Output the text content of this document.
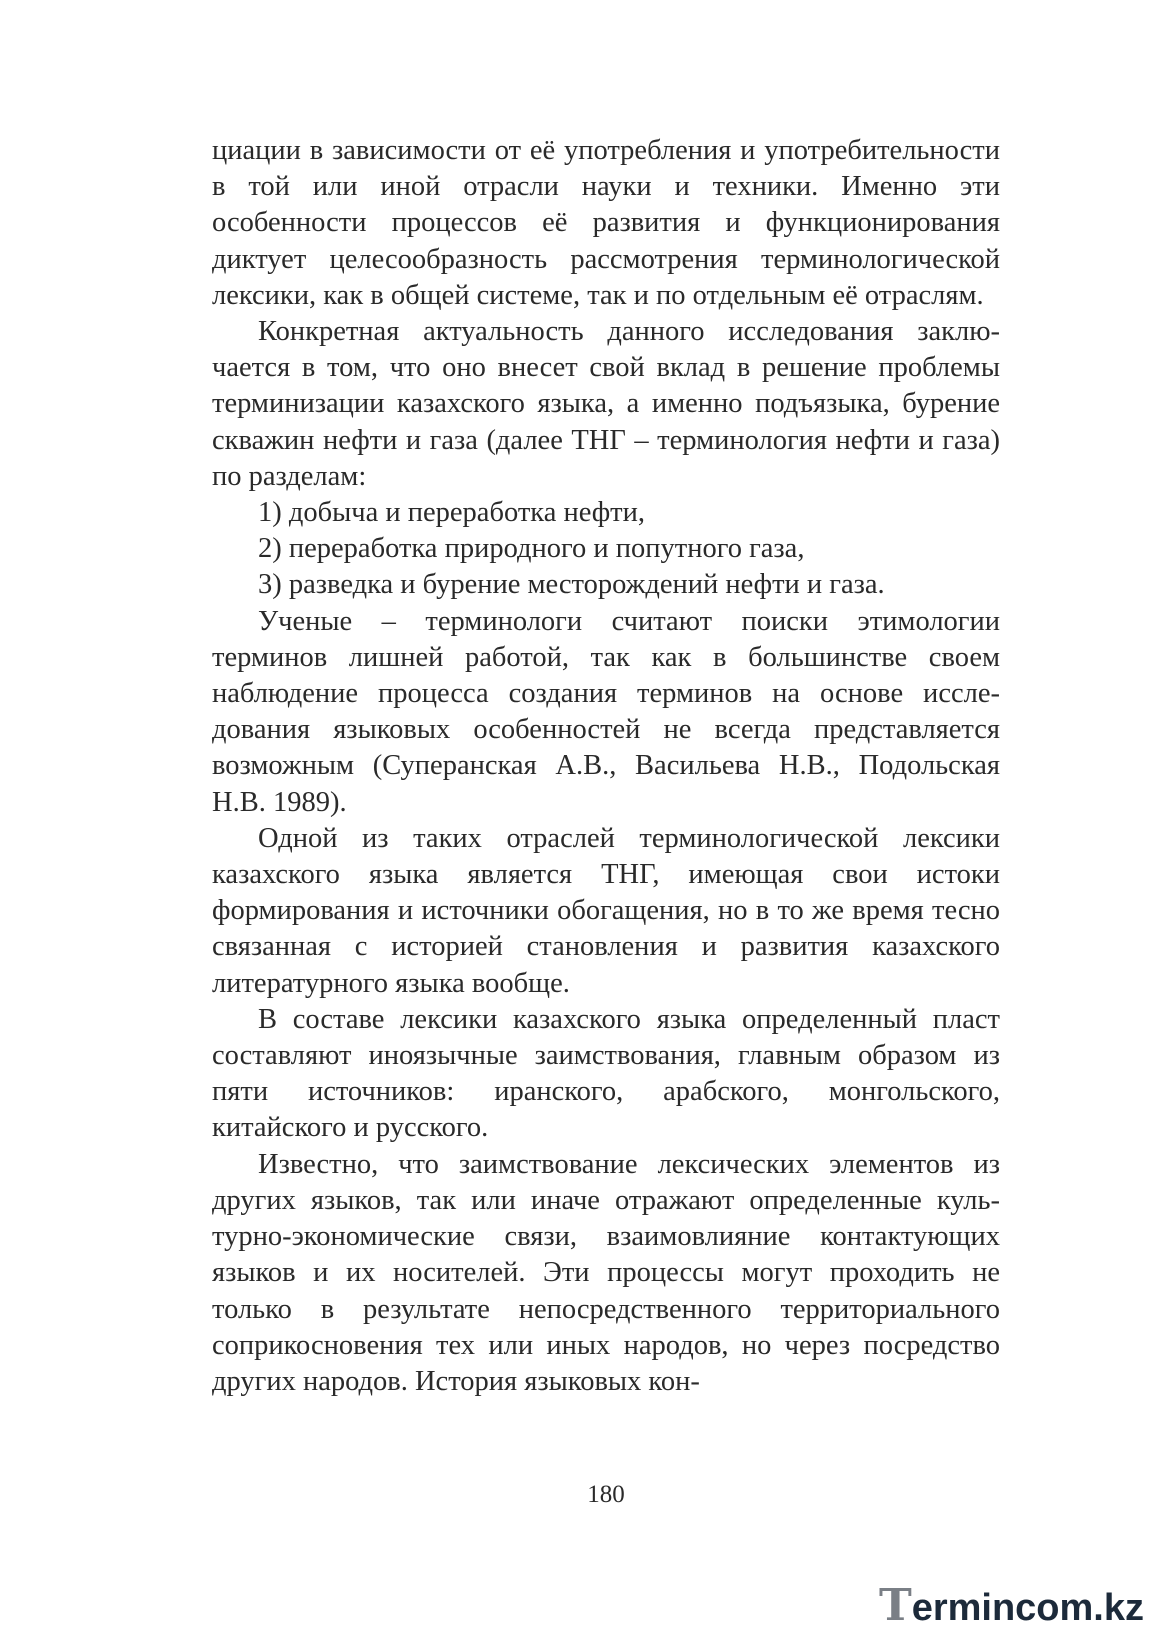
циации в зависимости от её употребления и употребительности в той или иной отрасли науки и техники. Именно эти особенности процессов её развития и функционирования диктует целесообразность рассмотрения терминологической лексики, как в общей системе, так и по отдельным её отраслям.

Конкретная актуальность данного исследования заключается в том, что оно внесет свой вклад в решение проблемы терминизации казахского языка, а именно подъязыка, бурение скважин нефти и газа (далее ТНГ – терминология нефти и газа) по разделам:

1) добыча и переработка нефти,

2) переработка природного и попутного газа,

3) разведка и бурение месторождений нефти и газа.

Ученые – терминологи считают поиски этимологии терминов лишней работой, так как в большинстве своем наблюдение процесса создания терминов на основе исследования языковых особенностей не всегда представляется возможным (Суперанская А.В., Васильева Н.В., Подольская Н.В. 1989).

Одной из таких отраслей терминологической лексики казахского языка является ТНГ, имеющая свои истоки формирования и источники обогащения, но в то же время тесно связанная с историей становления и развития казахского литературного языка вообще.

В составе лексики казахского языка определенный пласт составляют иноязычные заимствования, главным образом из пяти источников: иранского, арабского, монгольского, китайского и русского.

Известно, что заимствование лексических элементов из других языков, так или иначе отражают определенные культурно-экономические связи, взаимовлияние контактующих языков и их носителей. Эти процессы могут проходить не только в результате непосредственного территориального соприкосновения тех или иных народов, но через посредство других народов. История языковых кон-

180
T ermincom.kz
